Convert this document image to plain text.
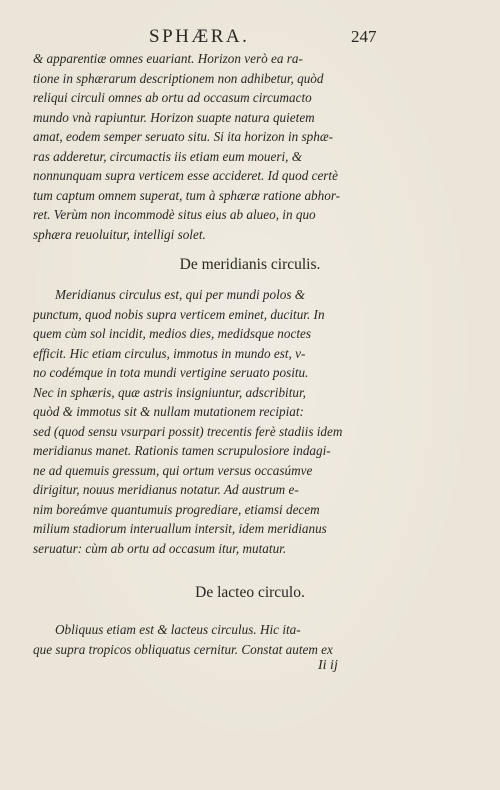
SPHÆRA.	247
& apparentiæ omnes euariant. Horizon verò ea ra-
tione in sphærarum descriptionem non adhibetur, quòd
reliqui circuli omnes ab ortu ad occasum circumacto
mundo vnà rapiuntur. Horizon suapte natura quietem
amat, eodem semper seruato situ. Si ita horizon in sphæ-
ras adderetur, circumactis iis etiam eum moueri, &
nonnunquam supra verticem esse accideret. Id quod certè
tum captum omnem superat, tum à sphæræ ratione abhor-
ret. Verùm non incommodè situs eius ab alueo, in quo
sphæra reuoluitur, intelligi solet.
De meridianis circulis.
Meridianus circulus est, qui per mundi polos &
punctum, quod nobis supra verticem eminet, ducitur. In
quem cùm sol incidit, medios dies, medidsque noctes
efficit. Hic etiam circulus, immotus in mundo est, v-
no codémque in tota mundi vertigine seruato positu.
Nec in sphæris, quæ astris insigniuntur, adscribitur,
quòd & immotus sit & nullam mutationem recipiat:
sed (quod sensu vsurpari possit) trecentis ferè stadiis idem
meridianus manet. Rationis tamen scrupulosiore indagi-
ne ad quemuis gressum, qui ortum versus occasúmve
dirigitur, nouus meridianus notatur. Ad austrum e-
nim boreámve quantumuis progrediare, etiamsi decem
milium stadiorum interuallum intersit, idem meridianus
seruatur: cùm ab ortu ad occasum itur, mutatur.
De lacteo circulo.
Obliquus etiam est & lacteus circulus. Hic ita-
que supra tropicos obliquatus cernitur. Constat autem ex
Ii ij
